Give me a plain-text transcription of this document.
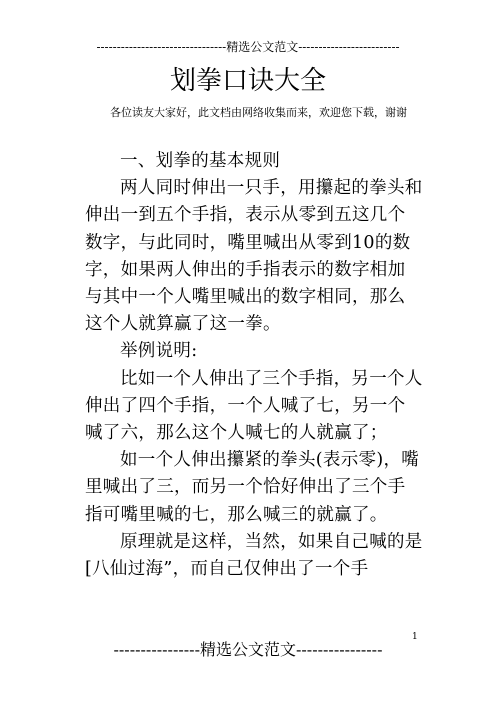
--------------------------------精选公文范文-------------------------
划拳口诀大全
各位读友大家好，此文档由网络收集而来，欢迎您下载，谢谢

一、划拳的基本规则

两人同时伸出一只手，用攥起的拳头和伸出一到五个手指，表示从零到五这几个数字，与此同时，嘴里喊出从零到10的数字，如果两人伸出的手指表示的数字相加与其中一个人嘴里喊出的数字相同，那么这个人就算赢了这一拳。

举例说明:

比如一个人伸出了三个手指，另一个人伸出了四个手指，一个人喊了七，另一个喊了六，那么这个人喊七的人就赢了；

如一个人伸出攥紧的拳头(表示零)，嘴里喊出了三，而另一个恰好伸出了三个手指可嘴里喊的七，那么喊三的就赢了。

原理就是这样，当然，如果自己喊的是[八仙过海”，而自己仅伸出了一个手

1
----------------精选公文范文----------------
